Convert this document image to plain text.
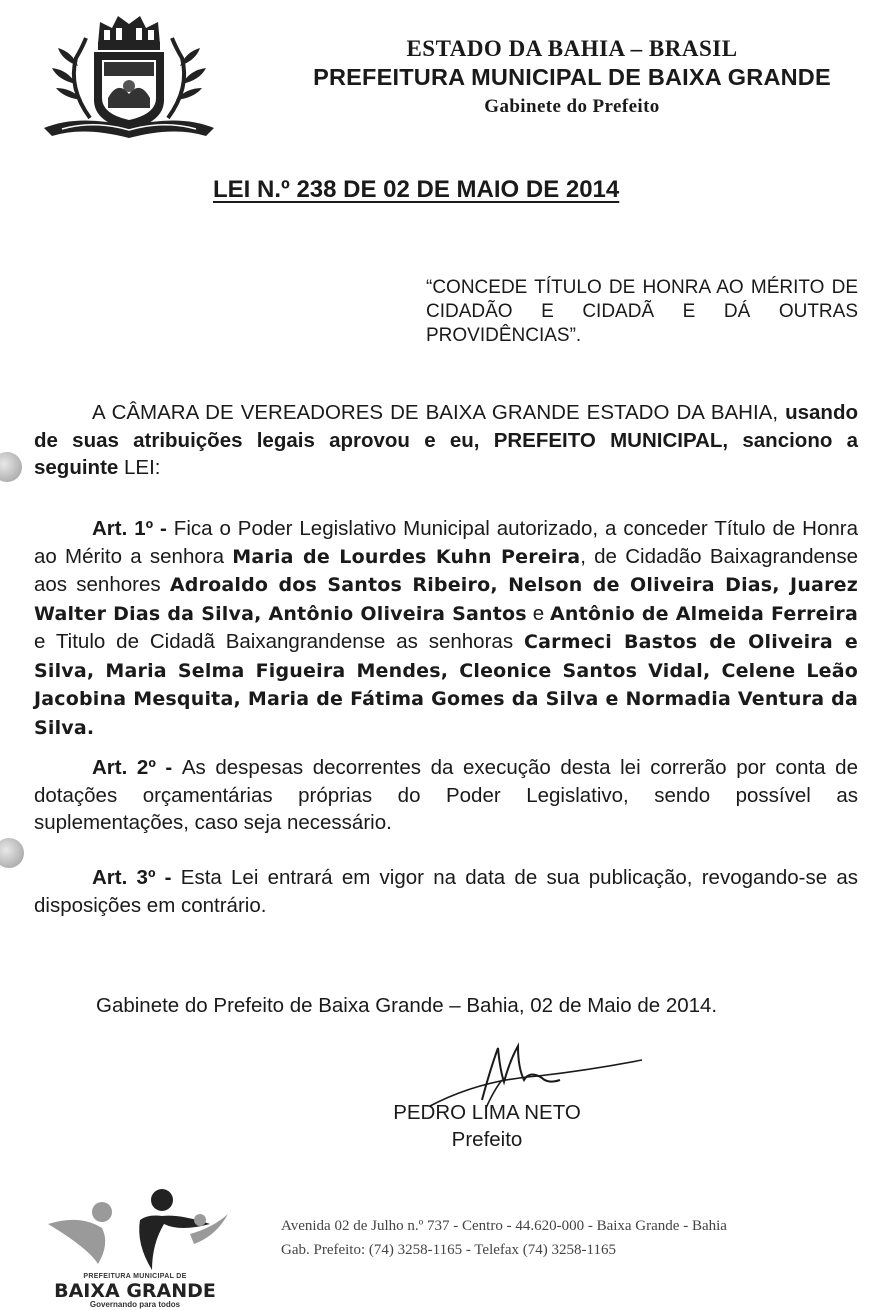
ESTADO DA BAHIA – BRASIL
PREFEITURA MUNICIPAL DE BAIXA GRANDE
Gabinete do Prefeito
LEI N.º 238 DE 02 DE MAIO DE 2014
“CONCEDE TÍTULO DE HONRA AO MÉRITO DE CIDADÃO E CIDADÃ E DÁ OUTRAS PROVIDÊNCIAS”.

A CÂMARA DE VEREADORES DE BAIXA GRANDE ESTADO DA BAHIA, usando de suas atribuições legais aprovou e eu, PREFEITO MUNICIPAL, sanciono a seguinte LEI:

Art. 1º - Fica o Poder Legislativo Municipal autorizado, a conceder Título de Honra ao Mérito a senhora Maria de Lourdes Kuhn Pereira, de Cidadão Baixagrandense aos senhores Adroaldo dos Santos Ribeiro, Nelson de Oliveira Dias, Juarez Walter Dias da Silva, Antônio Oliveira Santos e Antônio de Almeida Ferreira e Titulo de Cidadã Baixangrandense as senhoras Carmeci Bastos de Oliveira e Silva, Maria Selma Figueira Mendes, Cleonice Santos Vidal, Celene Leão Jacobina Mesquita, Maria de Fátima Gomes da Silva e Normadia Ventura da Silva.

Art. 2º - As despesas decorrentes da execução desta lei correrão por conta de dotações orçamentárias próprias do Poder Legislativo, sendo possível as suplementações, caso seja necessário.

Art. 3º - Esta Lei entrará em vigor na data de sua publicação, revogando-se as disposições em contrário.

Gabinete do Prefeito de Baixa Grande – Bahia, 02 de Maio de 2014.
PEDRO LIMA NETO
Prefeito
PREFEITURA MUNICIPAL DE
BAIXA GRANDE
Governando para todos
Avenida 02 de Julho n.º 737 - Centro - 44.620-000 - Baixa Grande - Bahia
Gab. Prefeito: (74) 3258-1165 - Telefax (74) 3258-1165
